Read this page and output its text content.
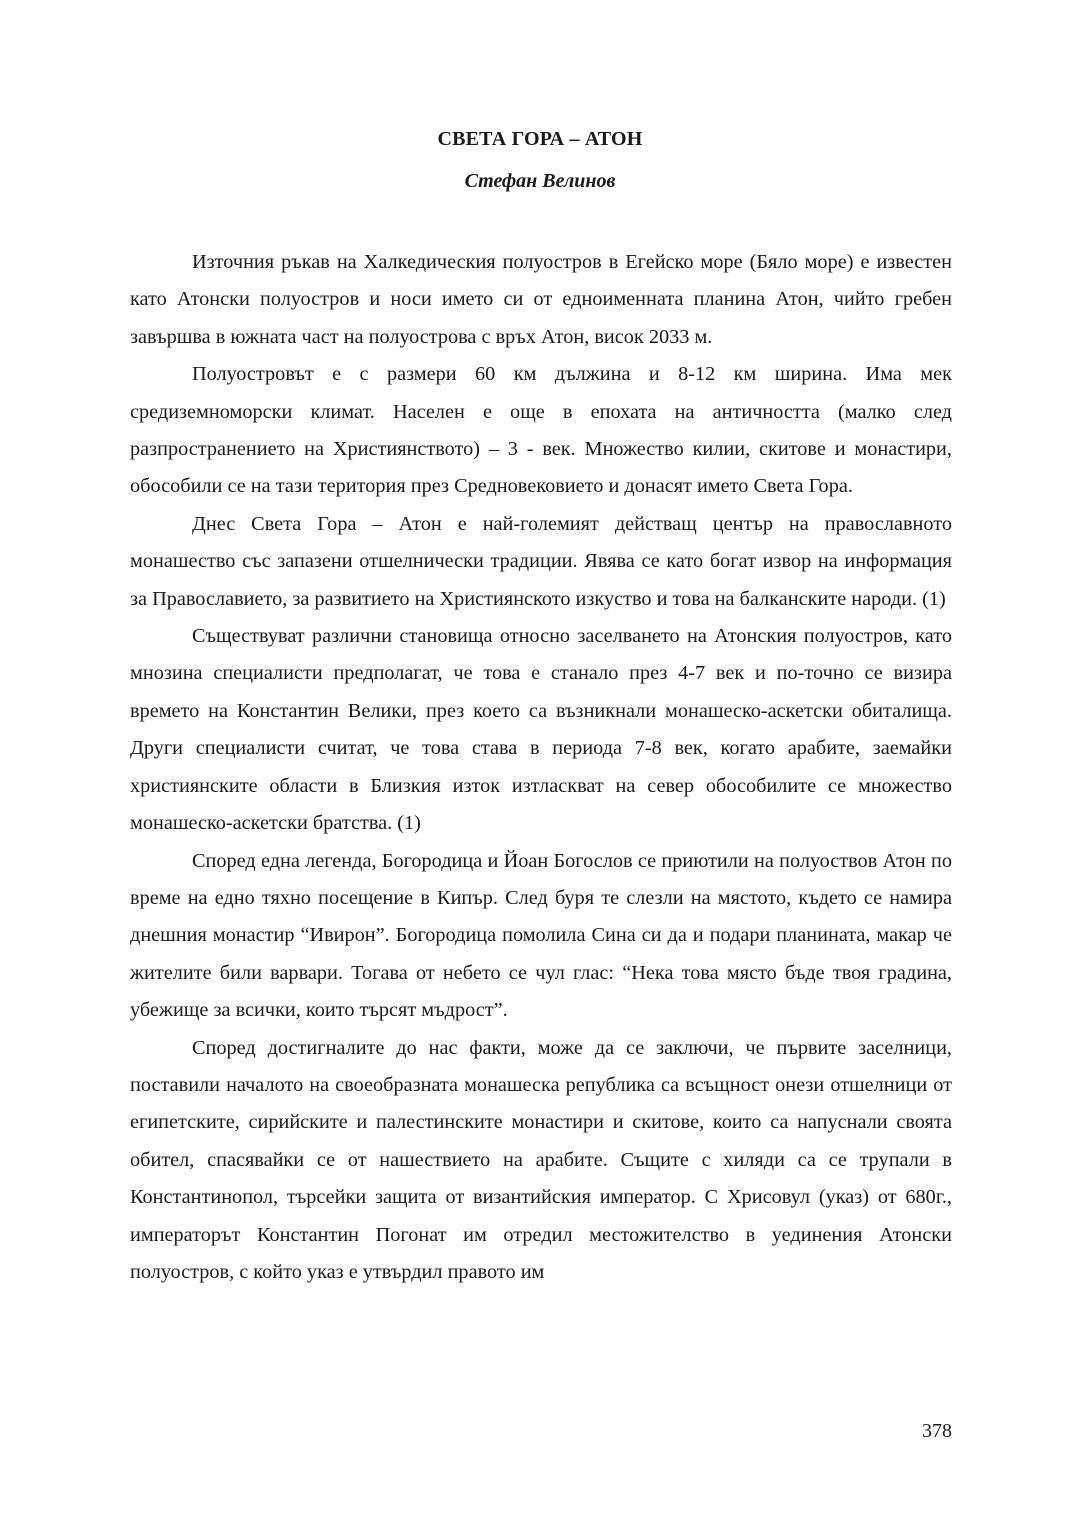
СВЕТА ГОРА – АТОН
Стефан Велинов

Източния ръкав на Халкедическия полуостров в Егейско море (Бяло море) е известен като Атонски полуостров и носи името си от едноименната планина Атон, чийто гребен завършва в южната част на полуострова с връх Атон, висок 2033 м.

Полуостровът е с размери 60 км дължина и 8-12 км ширина. Има мек средиземноморски климат. Населен е още в епохата на античността (малко след разпространението на Християнството) – 3 - век. Множество килии, скитове и монастири, обособили се на тази територия през Средновековието и донасят името Света Гора.

Днес Света Гора – Атон е най-големият действащ център на православното монашество със запазени отшелнически традиции. Явява се като богат извор на информация за Православието, за развитието на Християнското изкуство и това на балканските народи. (1)

Съществуват различни становища относно заселването на Атонския полуостров, като мнозина специалисти предполагат, че това е станало през 4-7 век и по-точно се визира времето на Константин Велики, през което са възникнали монашеско-аскетски обиталища. Други специалисти считат, че това става в периода 7-8 век, когато арабите, заемайки християнските области в Близкия изток изтласкват на север обособилите се множество монашеско-аскетски братства. (1)

Според една легенда, Богородица и Йоан Богослов се приютили на полуоствов Атон по време на едно тяхно посещение в Кипър. След буря те слезли на мястото, където се намира днешния монастир “Ивирон”. Богородица помолила Сина си да и подари планината, макар че жителите били варвари. Тогава от небето се чул глас: “Нека това място бъде твоя градина, убежище за всички, които търсят мъдрост”.

Според достигналите до нас факти, може да се заключи, че първите заселници, поставили началото на своеобразната монашеска република са всъщност онези отшелници от египетските, сирийските и палестинските монастири и скитове, които са напуснали своята обител, спасявайки се от нашествието на арабите. Същите с хиляди са се трупали в Константинопол, търсейки защита от византийския император. С Хрисовул (указ) от 680г., императорът Константин Погонат им отредил местожителство в уединения Атонски полуостров, с който указ е утвърдил правото им

378
